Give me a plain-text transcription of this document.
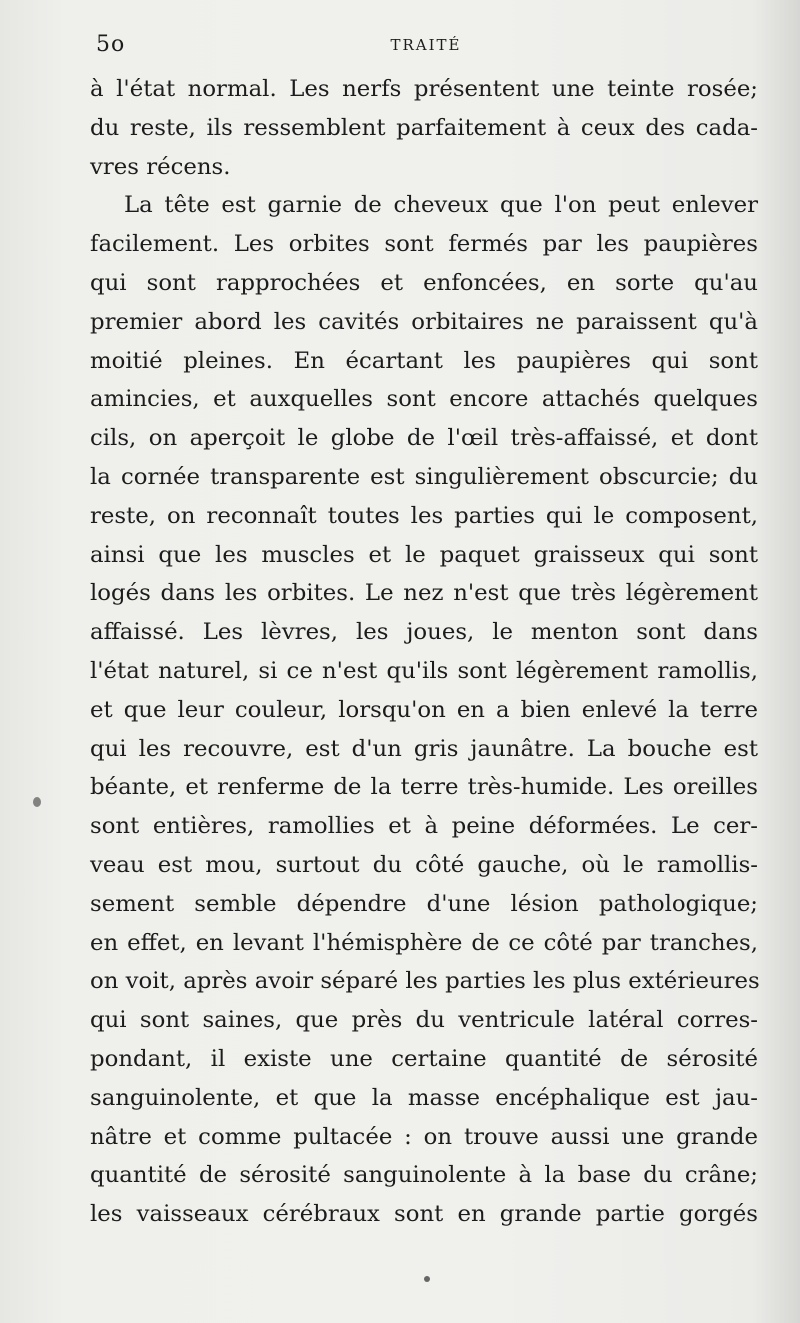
5o	TRAITÉ
à l'état normal. Les nerfs présentent une teinte rosée;
du reste, ils ressemblent parfaitement à ceux des cada-
vres récens.
La tête est garnie de cheveux que l'on peut enlever
facilement. Les orbites sont fermés par les paupières
qui sont rapprochées et enfoncées, en sorte qu'au
premier abord les cavités orbitaires ne paraissent qu'à
moitié pleines. En écartant les paupières qui sont
amincies, et auxquelles sont encore attachés quelques
cils, on aperçoit le globe de l'œil très-affaissé, et dont
la cornée transparente est singulièrement obscurcie; du
reste, on reconnaît toutes les parties qui le composent,
ainsi que les muscles et le paquet graisseux qui sont
logés dans les orbites. Le nez n'est que très légèrement
affaissé. Les lèvres, les joues, le menton sont dans
l'état naturel, si ce n'est qu'ils sont légèrement ramollis,
et que leur couleur, lorsqu'on en a bien enlevé la terre
qui les recouvre, est d'un gris jaunâtre. La bouche est
béante, et renferme de la terre très-humide. Les oreilles
sont entières, ramollies et à peine déformées. Le cer-
veau est mou, surtout du côté gauche, où le ramollis-
sement semble dépendre d'une lésion pathologique;
en effet, en levant l'hémisphère de ce côté par tranches,
on voit, après avoir séparé les parties les plus extérieures
qui sont saines, que près du ventricule latéral corres-
pondant, il existe une certaine quantité de sérosité
sanguinolente, et que la masse encéphalique est jau-
nâtre et comme pultacée : on trouve aussi une grande
quantité de sérosité sanguinolente à la base du crâne;
les vaisseaux cérébraux sont en grande partie gorgés
